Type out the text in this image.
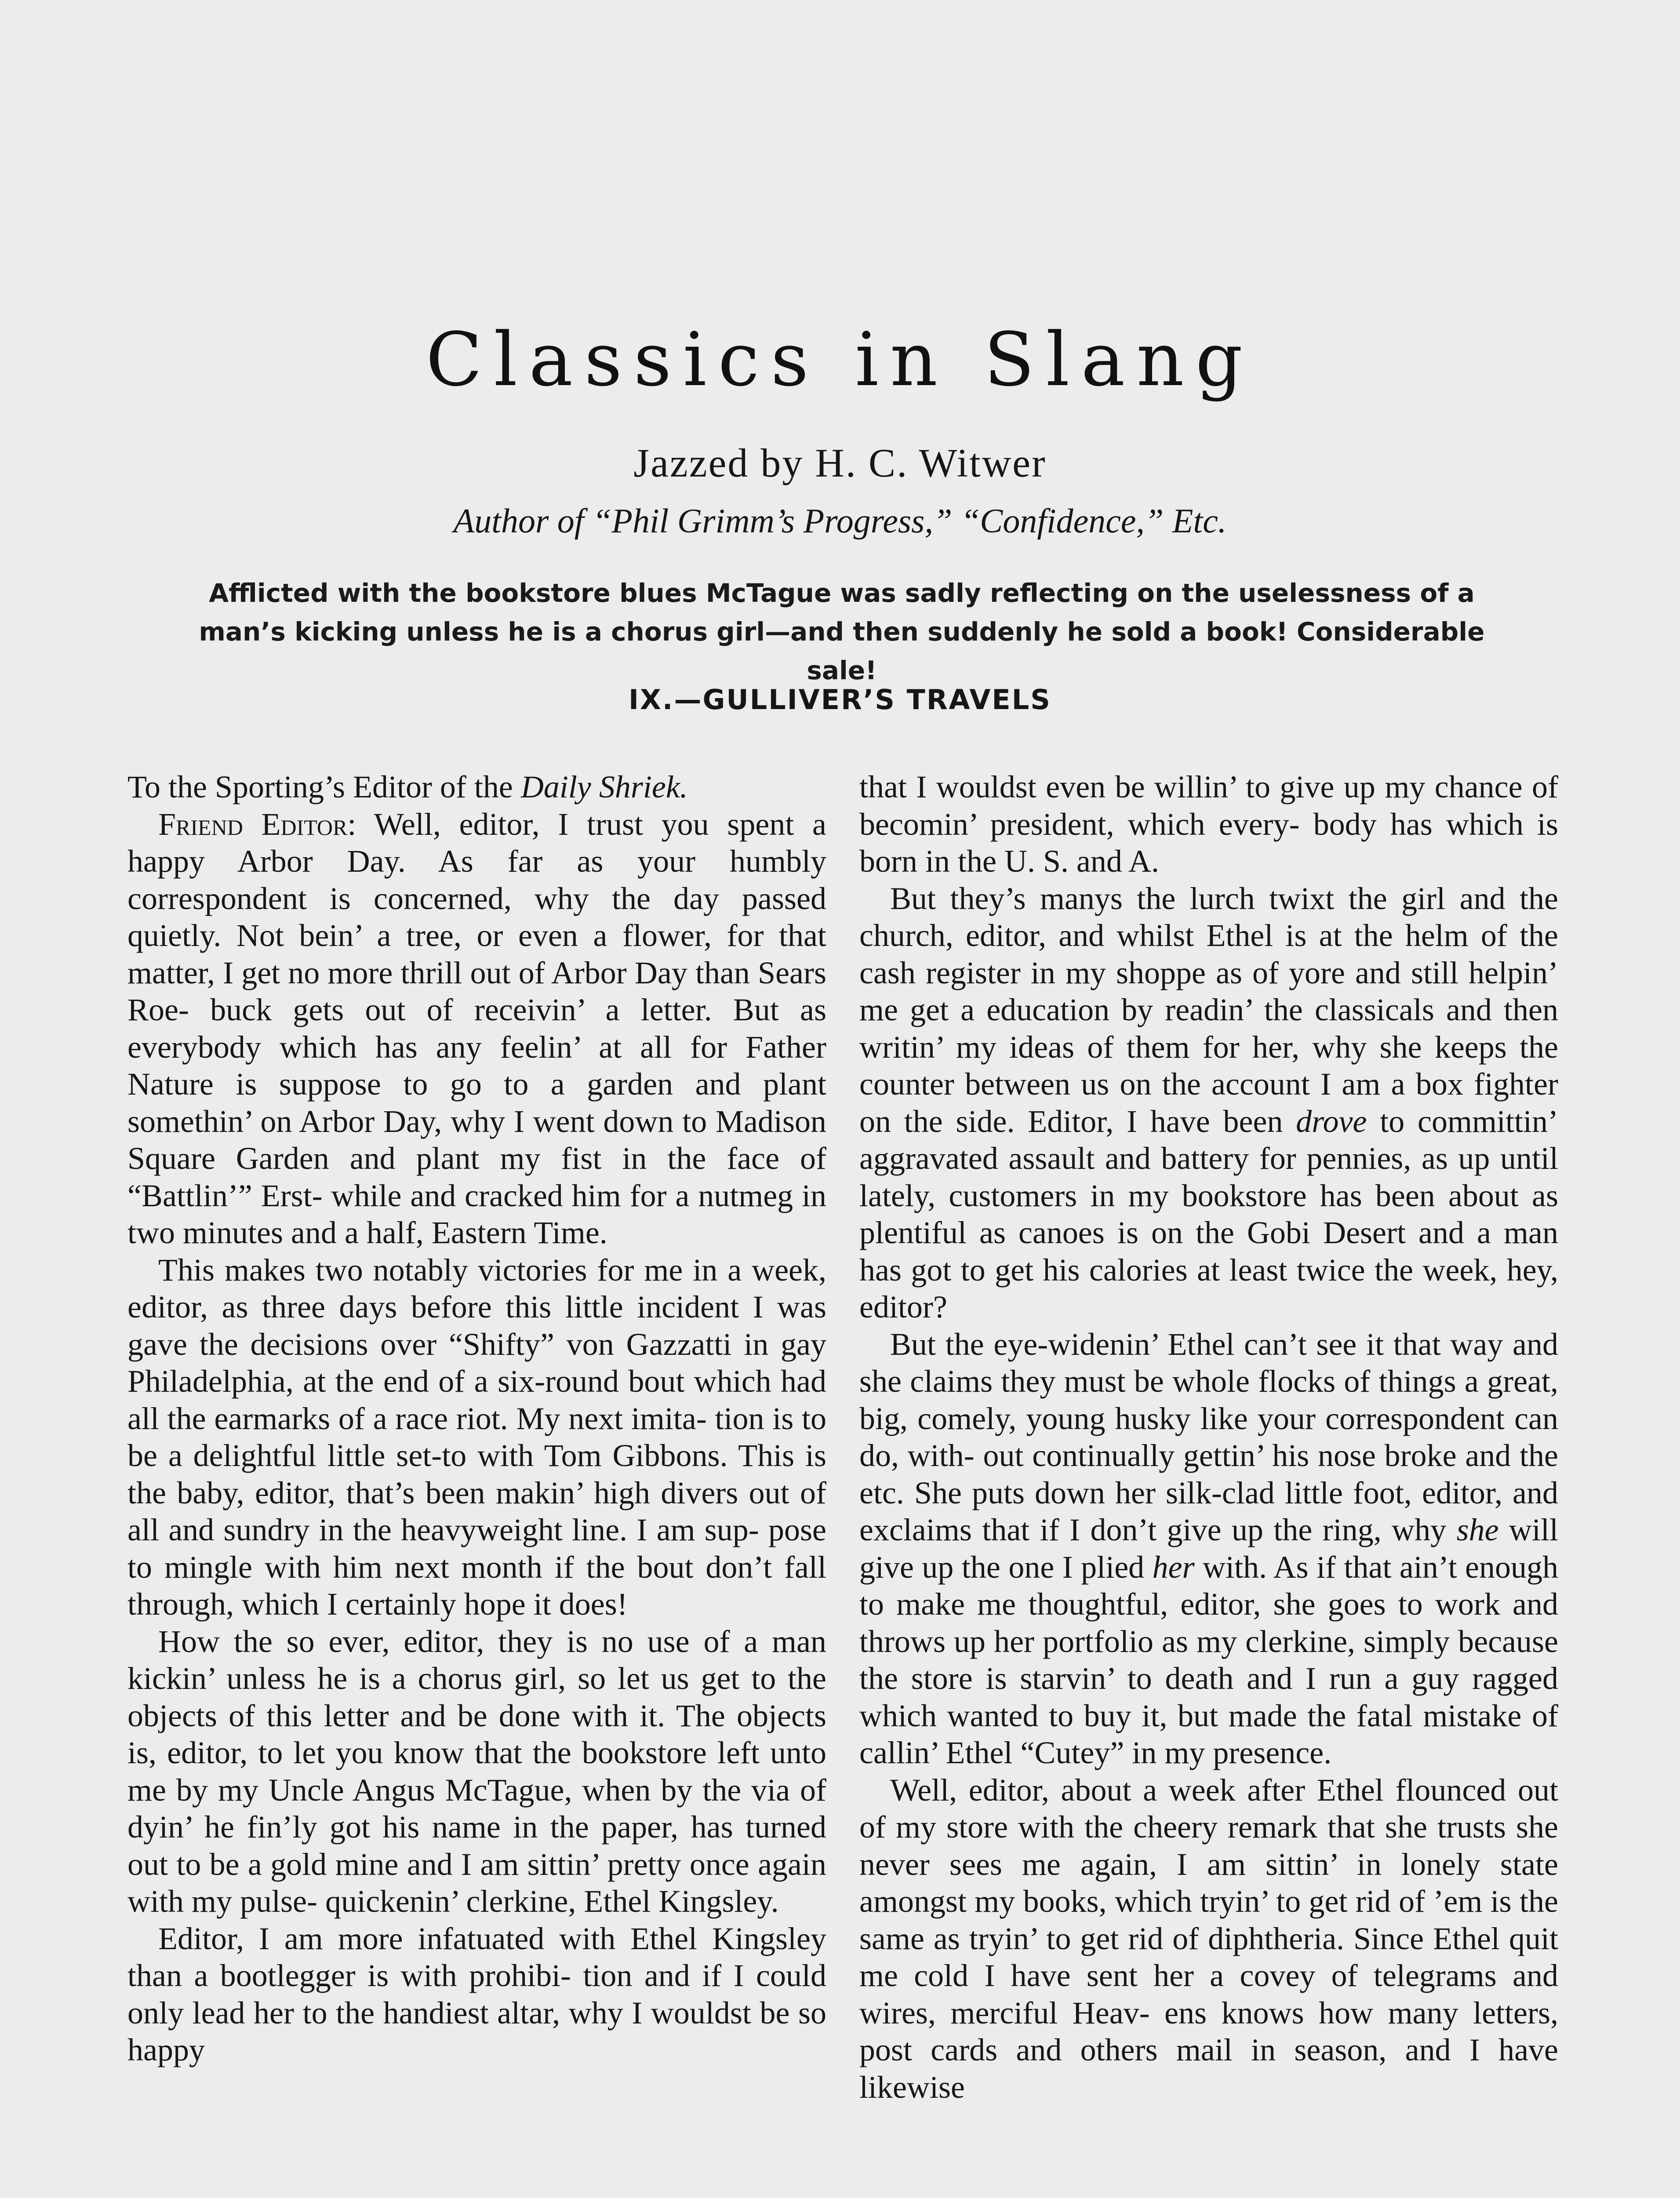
Classics in Slang
Jazzed by H. C. Witwer
Author of “Phil Grimm’s Progress,” “Confidence,” Etc.
Afflicted with the bookstore blues McTague was sadly reflecting on the uselessness of a man’s kicking unless he is a chorus girl—and then suddenly he sold a book! Considerable sale!
IX.—GULLIVER’S TRAVELS

To the Sporting’s Editor of the Daily Shriek.

Friend Editor: Well, editor, I trust you spent a happy Arbor Day. As far as your humbly correspondent is concerned, why the day passed quietly. Not bein’ a tree, or even a flower, for that matter, I get no more thrill out of Arbor Day than Sears Roe- buck gets out of receivin’ a letter. But as everybody which has any feelin’ at all for Father Nature is suppose to go to a garden and plant somethin’ on Arbor Day, why I went down to Madison Square Garden and plant my fist in the face of “Battlin’” Erst- while and cracked him for a nutmeg in two minutes and a half, Eastern Time.

This makes two notably victories for me in a week, editor, as three days before this little incident I was gave the decisions over “Shifty” von Gazzatti in gay Philadelphia, at the end of a six-round bout which had all the earmarks of a race riot. My next imita- tion is to be a delightful little set-to with Tom Gibbons. This is the baby, editor, that’s been makin’ high divers out of all and sundry in the heavyweight line. I am sup- pose to mingle with him next month if the bout don’t fall through, which I certainly hope it does!

How the so ever, editor, they is no use of a man kickin’ unless he is a chorus girl, so let us get to the objects of this letter and be done with it. The objects is, editor, to let you know that the bookstore left unto me by my Uncle Angus McTague, when by the via of dyin’ he fin’ly got his name in the paper, has turned out to be a gold mine and I am sittin’ pretty once again with my pulse- quickenin’ clerkine, Ethel Kingsley.

Editor, I am more infatuated with Ethel Kingsley than a bootlegger is with prohibi- tion and if I could only lead her to the handiest altar, why I wouldst be so happy

that I wouldst even be willin’ to give up my chance of becomin’ president, which every- body has which is born in the U. S. and A.

But they’s manys the lurch twixt the girl and the church, editor, and whilst Ethel is at the helm of the cash register in my shoppe as of yore and still helpin’ me get a education by readin’ the classicals and then writin’ my ideas of them for her, why she keeps the counter between us on the account I am a box fighter on the side. Editor, I have been drove to committin’ aggravated assault and battery for pennies, as up until lately, customers in my bookstore has been about as plentiful as canoes is on the Gobi Desert and a man has got to get his calories at least twice the week, hey, editor?

But the eye-widenin’ Ethel can’t see it that way and she claims they must be whole flocks of things a great, big, comely, young husky like your correspondent can do, with- out continually gettin’ his nose broke and the etc. She puts down her silk-clad little foot, editor, and exclaims that if I don’t give up the ring, why she will give up the one I plied her with. As if that ain’t enough to make me thoughtful, editor, she goes to work and throws up her portfolio as my clerkine, simply because the store is starvin’ to death and I run a guy ragged which wanted to buy it, but made the fatal mistake of callin’ Ethel “Cutey” in my presence.

Well, editor, about a week after Ethel flounced out of my store with the cheery remark that she trusts she never sees me again, I am sittin’ in lonely state amongst my books, which tryin’ to get rid of ’em is the same as tryin’ to get rid of diphtheria. Since Ethel quit me cold I have sent her a covey of telegrams and wires, merciful Heav- ens knows how many letters, post cards and others mail in season, and I have likewise
